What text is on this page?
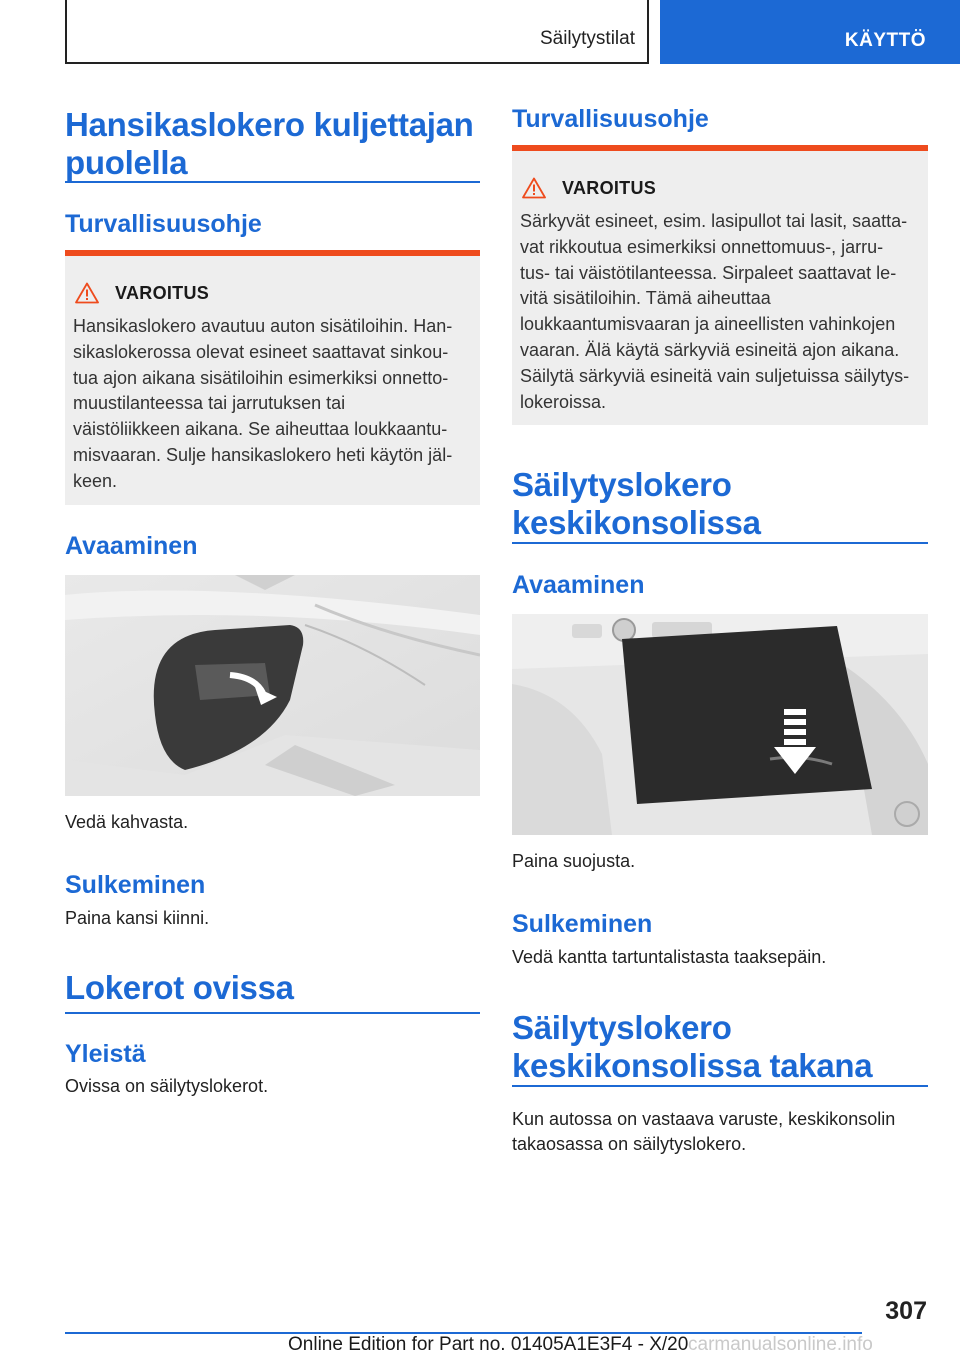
Säilytystilat	KÄYTTÖ
Hansikaslokero kuljettajan
puolella
Turvallisuusohje
VAROITUS
Hansikaslokero avautuu auton sisätiloihin. Han-
sikaslokerossa olevat esineet saattavat sinkou-
tua ajon aikana sisätiloihin esimerkiksi onnetto-
muustilanteessa tai jarrutuksen tai
väistöliikkeen aikana. Se aiheuttaa loukkaantu-
misvaaran. Sulje hansikaslokero heti käytön jäl-
keen.
Avaaminen
Vedä kahvasta.
Sulkeminen
Paina kansi kiinni.
Lokerot ovissa
Yleistä
Ovissa on säilytyslokerot.
Turvallisuusohje
VAROITUS
Särkyvät esineet, esim. lasipullot tai lasit, saatta-
vat rikkoutua esimerkiksi onnettomuus-, jarru-
tus- tai väistötilanteessa. Sirpaleet saattavat le-
vitä sisätiloihin. Tämä aiheuttaa
loukkaantumisvaaran ja aineellisten vahinkojen
vaaran. Älä käytä särkyviä esineitä ajon aikana.
Säilytä särkyviä esineitä vain suljetuissa säilytys-
lokeroissa.
Säilytyslokero
keskikonsolissa
Avaaminen
Paina suojusta.
Sulkeminen
Vedä kantta tartuntalistasta taaksepäin.
Säilytyslokero
keskikonsolissa takana
Kun autossa on vastaava varuste, keskikonsolin
takaosassa on säilytyslokero.
307
Online Edition for Part no. 01405A1E3F4 - X/20 carmanualsonline.info
